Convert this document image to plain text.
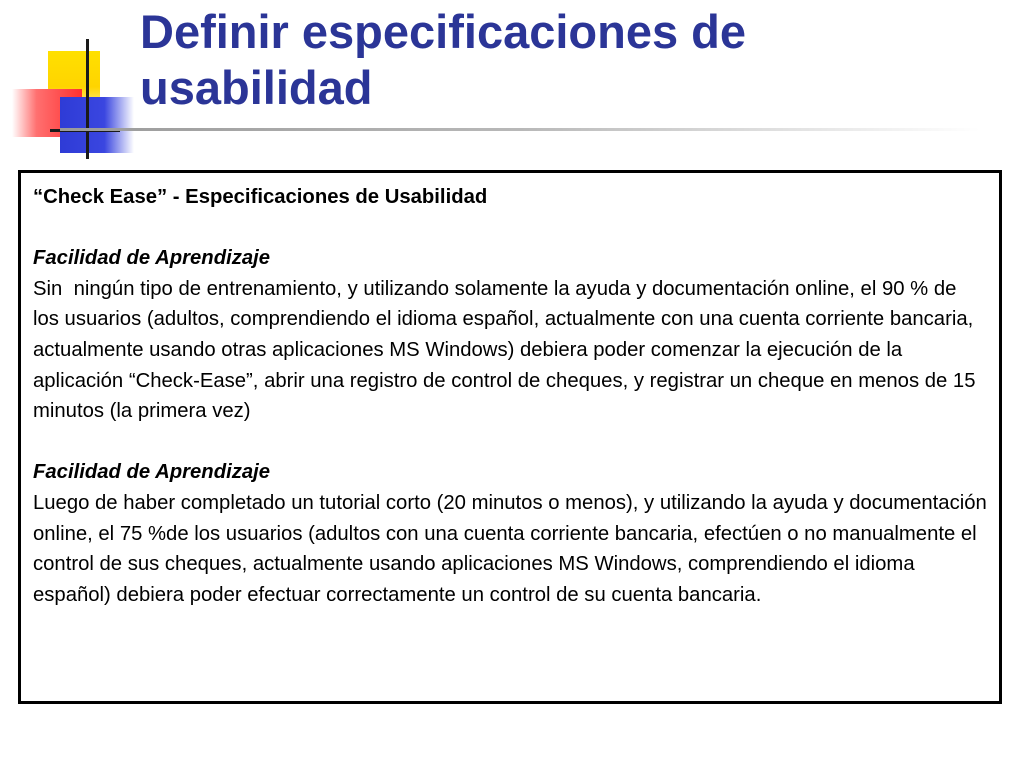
Definir especificaciones de usabilidad

“Check Ease” - Especificaciones de Usabilidad

Facilidad de Aprendizaje

Sin  ningún tipo de entrenamiento, y utilizando solamente la ayuda y documentación online, el 90 % de los usuarios (adultos, comprendiendo el idioma español, actualmente con una cuenta corriente bancaria, actualmente usando otras aplicaciones MS Windows) debiera poder comenzar la ejecución de la aplicación “Check-Ease”, abrir una registro de control de cheques, y registrar un cheque en menos de 15 minutos (la primera vez)

Facilidad de Aprendizaje

Luego de haber completado un tutorial corto (20 minutos o menos), y utilizando la ayuda y documentación online, el 75 %de los usuarios (adultos con una cuenta corriente bancaria, efectúen o no manualmente el control de sus cheques, actualmente usando aplicaciones MS Windows, comprendiendo el idioma español) debiera poder efectuar correctamente un control de su cuenta bancaria.
